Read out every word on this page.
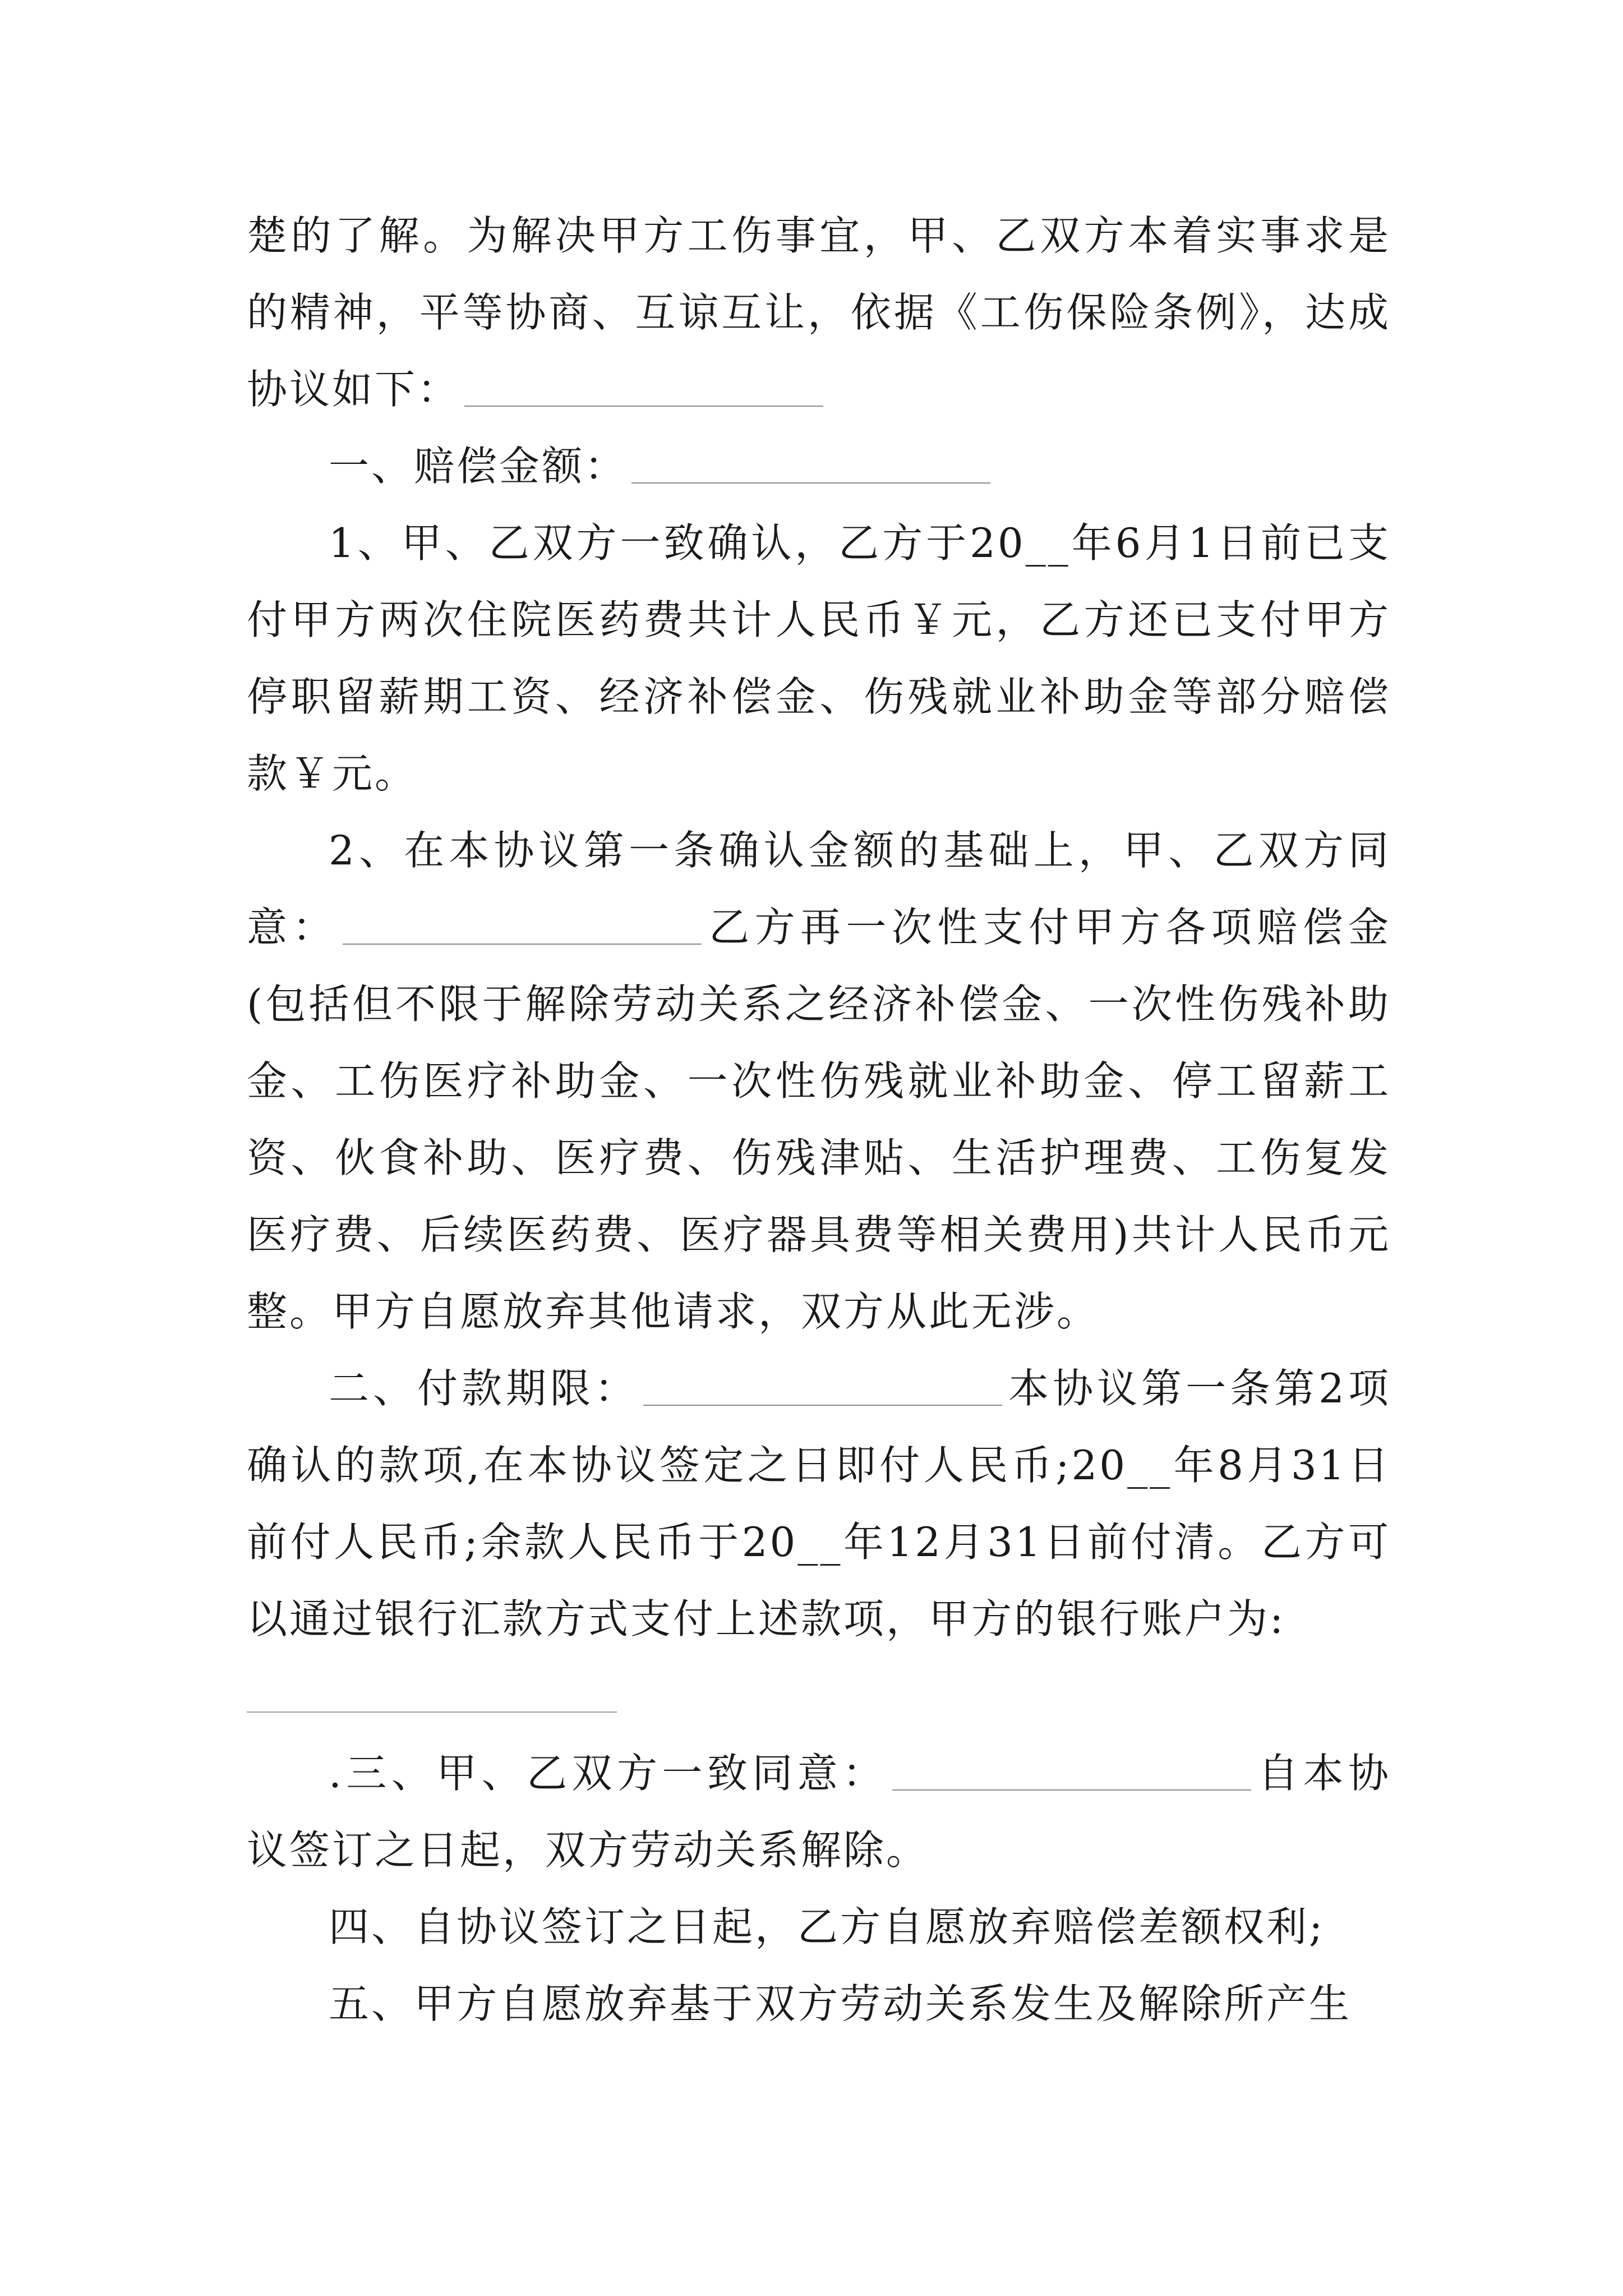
楚的了解。为解决甲方工伤事宜，甲、乙双方本着实事求是的精神，平等协商、互谅互让，依据《工伤保险条例》，达成协议如下：

一、赔偿金额：

1、甲、乙双方一致确认，乙方于20__年6月1日前已支付甲方两次住院医药费共计人民币￥元，乙方还已支付甲方停职留薪期工资、经济补偿金、伤残就业补助金等部分赔偿款￥元。

2、在本协议第一条确认金额的基础上，甲、乙双方同意：	乙方再一次性支付甲方各项赔偿金(包括但不限于解除劳动关系之经济补偿金、一次性伤残补助金、工伤医疗补助金、一次性伤残就业补助金、停工留薪工资、伙食补助、医疗费、伤残津贴、生活护理费、工伤复发医疗费、后续医药费、医疗器具费等相关费用)共计人民币元整。甲方自愿放弃其他请求，双方从此无涉。

二、付款期限：	本协议第一条第2项确认的款项,在本协议签定之日即付人民币;20__年8月31日前付人民币;余款人民币于20__年12月31日前付清。乙方可以通过银行汇款方式支付上述款项，甲方的银行账户为:

.三、甲、乙双方一致同意：	自本协议签订之日起，双方劳动关系解除。

四、自协议签订之日起，乙方自愿放弃赔偿差额权利;

五、甲方自愿放弃基于双方劳动关系发生及解除所产生
